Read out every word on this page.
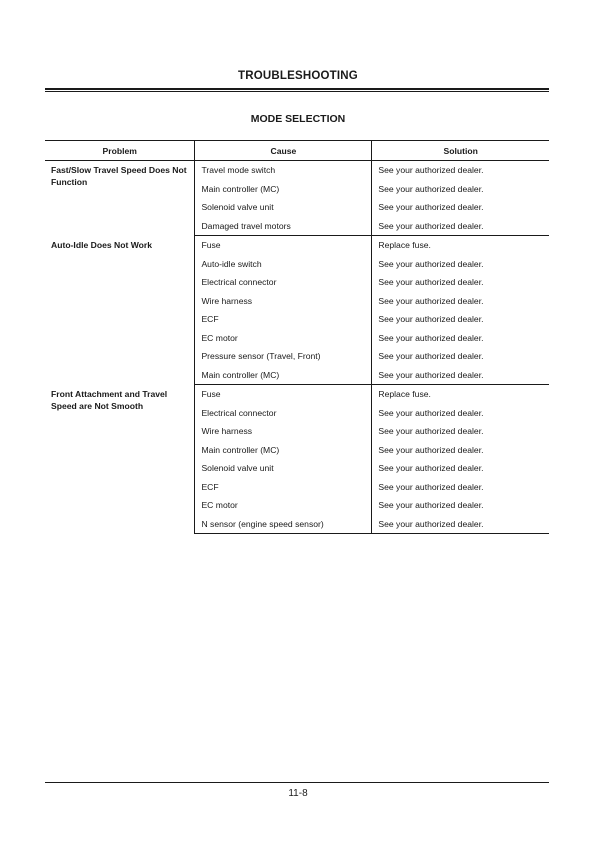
TROUBLESHOOTING
MODE SELECTION
Problem	Cause	Solution
Fast/Slow Travel Speed Does Not Function	Travel mode switch	See your authorized dealer.
	Main controller (MC)	See your authorized dealer.
	Solenoid valve unit	See your authorized dealer.
	Damaged travel motors	See your authorized dealer.
Auto-Idle Does Not Work	Fuse	Replace fuse.
	Auto-idle switch	See your authorized dealer.
	Electrical connector	See your authorized dealer.
	Wire harness	See your authorized dealer.
	ECF	See your authorized dealer.
	EC motor	See your authorized dealer.
	Pressure sensor (Travel, Front)	See your authorized dealer.
	Main controller (MC)	See your authorized dealer.
Front Attachment and Travel Speed are Not Smooth	Fuse	Replace fuse.
	Electrical connector	See your authorized dealer.
	Wire harness	See your authorized dealer.
	Main controller (MC)	See your authorized dealer.
	Solenoid valve unit	See your authorized dealer.
	ECF	See your authorized dealer.
	EC motor	See your authorized dealer.
	N sensor (engine speed sensor)	See your authorized dealer.
11-8
